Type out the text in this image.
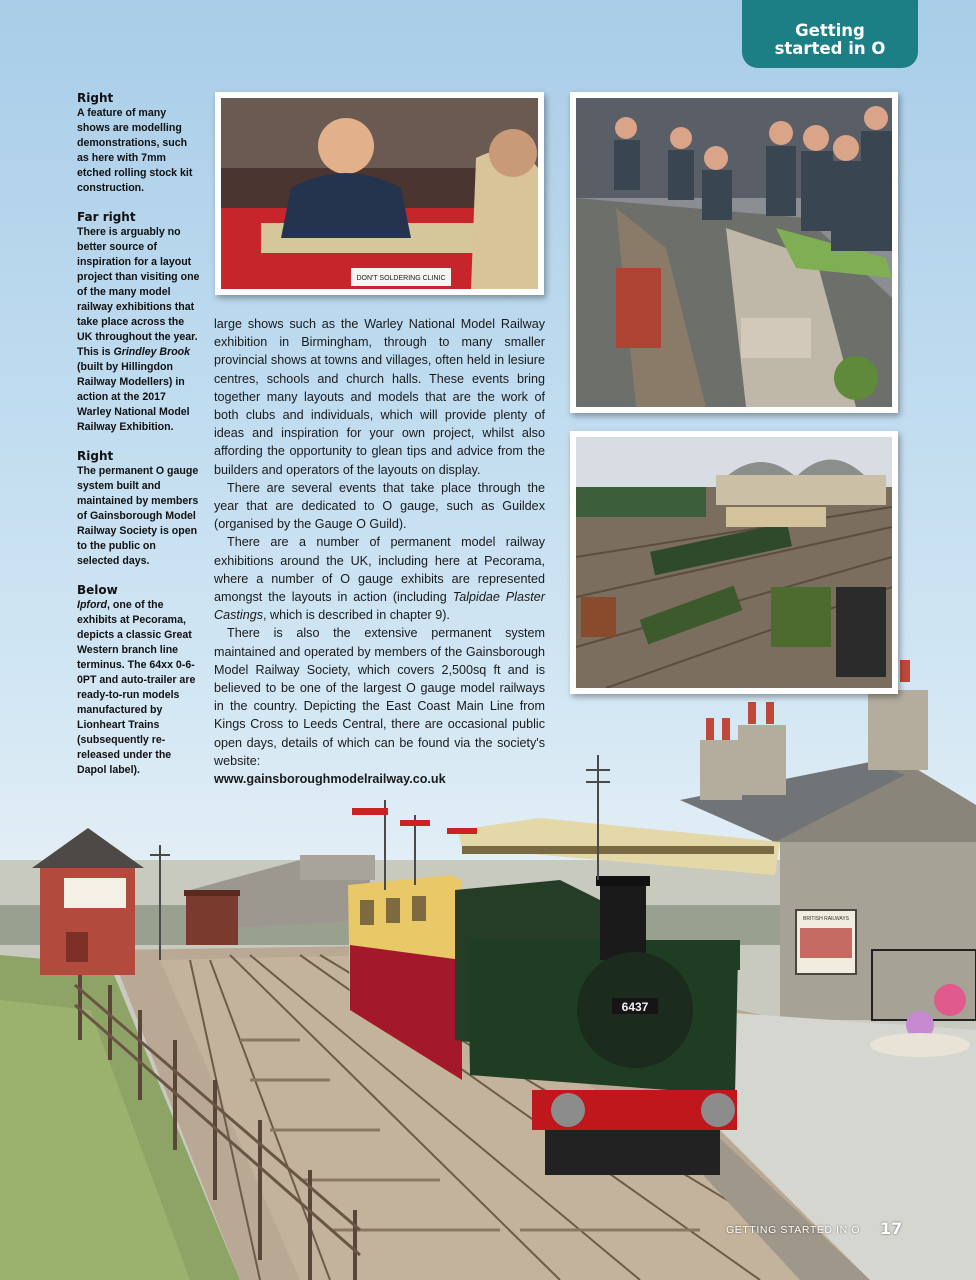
BRITISH RAILWAYS
6437
Getting
started in O
Right
A feature of many shows are modelling demonstrations, such as here with 7mm etched rolling stock kit construction.
Far right
There is arguably no better source of inspiration for a layout project than visiting one of the many model railway exhibitions that take place across the UK throughout the year. This is Grindley Brook (built by Hillingdon Railway Modellers) in action at the 2017 Warley National Model Railway Exhibition.
Right
The permanent O gauge system built and maintained by members of Gainsborough Model Railway Society is open to the public on selected days.
Below
Ipford, one of the exhibits at Pecorama, depicts a classic Great Western branch line terminus. The 64xx 0-6-0PT and auto-trailer are ready-to-run models manufactured by Lionheart Trains (subsequently re-released under the Dapol label).
DON'T SOLDERING CLINIC

large shows such as the Warley National Model Railway exhibition in Birmingham, through to many smaller provincial shows at towns and villages, often held in lesiure centres, schools and church halls. These events bring together many layouts and models that are the work of both clubs and individuals, which will provide plenty of ideas and inspiration for your own project, whilst also affording the opportunity to glean tips and advice from the builders and operators of the layouts on display.

There are several events that take place through the year that are dedicated to O gauge, such as Guildex (organised by the Gauge O Guild).

There are a number of permanent model railway exhibitions around the UK, including here at Pecorama, where a number of O gauge exhibits are represented amongst the layouts in action (including Talpidae Plaster Castings, which is described in chapter 9).

There is also the extensive permanent system maintained and operated by members of the Gainsborough Model Railway Society, which covers 2,500sq ft and is believed to be one of the largest O gauge model railways in the country. Depicting the East Coast Main Line from Kings Cross to Leeds Central, there are occasional public open days, details of which can be found via the society's website:

www.gainsboroughmodelrailway.co.uk

GETTING STARTED IN O 17
